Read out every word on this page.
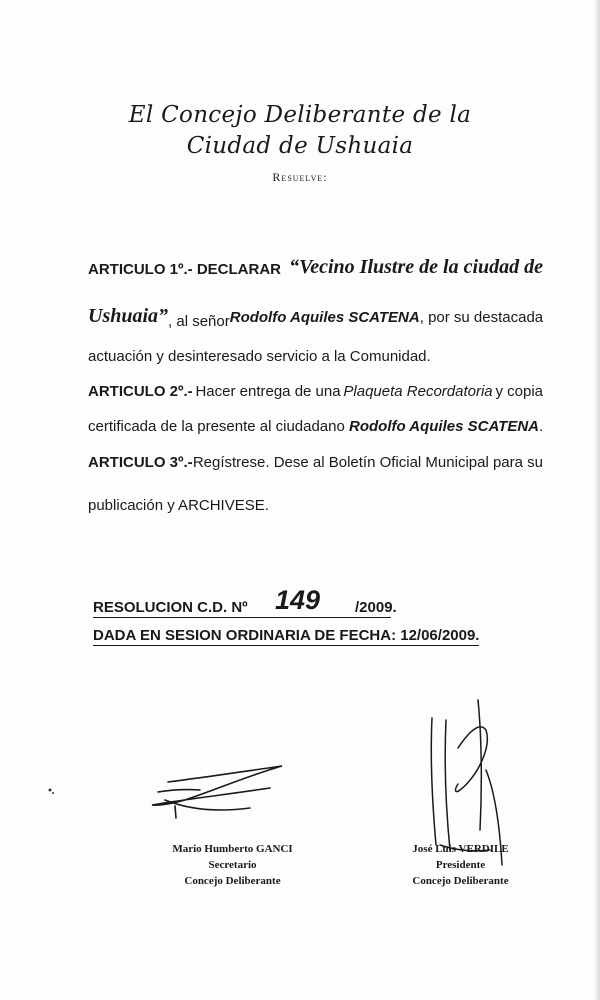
El Concejo Deliberante de la
Ciudad de Ushuaia
Resuelve:
ARTICULO 1º.- DECLARAR “Vecino Ilustre de la ciudad de
Ushuaia”, al señor Rodolfo Aquiles SCATENA , por su destacada
actuación y desinteresado servicio a la Comunidad.
ARTICULO 2º.- Hacer entrega de una Plaqueta Recordatoria y copia
certificada de la presente al ciudadano Rodolfo Aquiles SCATENA.
ARTICULO 3º.- Regístrese. Dese al Boletín Oficial Municipal para su
publicación y ARCHIVESE.
RESOLUCION C.D. Nº 149 /2009.
DADA EN SESION ORDINARIA DE FECHA: 12/06/2009.
Mario Humberto GANCI
Secretario
Concejo Deliberante
José Luis VERDILE
Presidente
Concejo Deliberante
